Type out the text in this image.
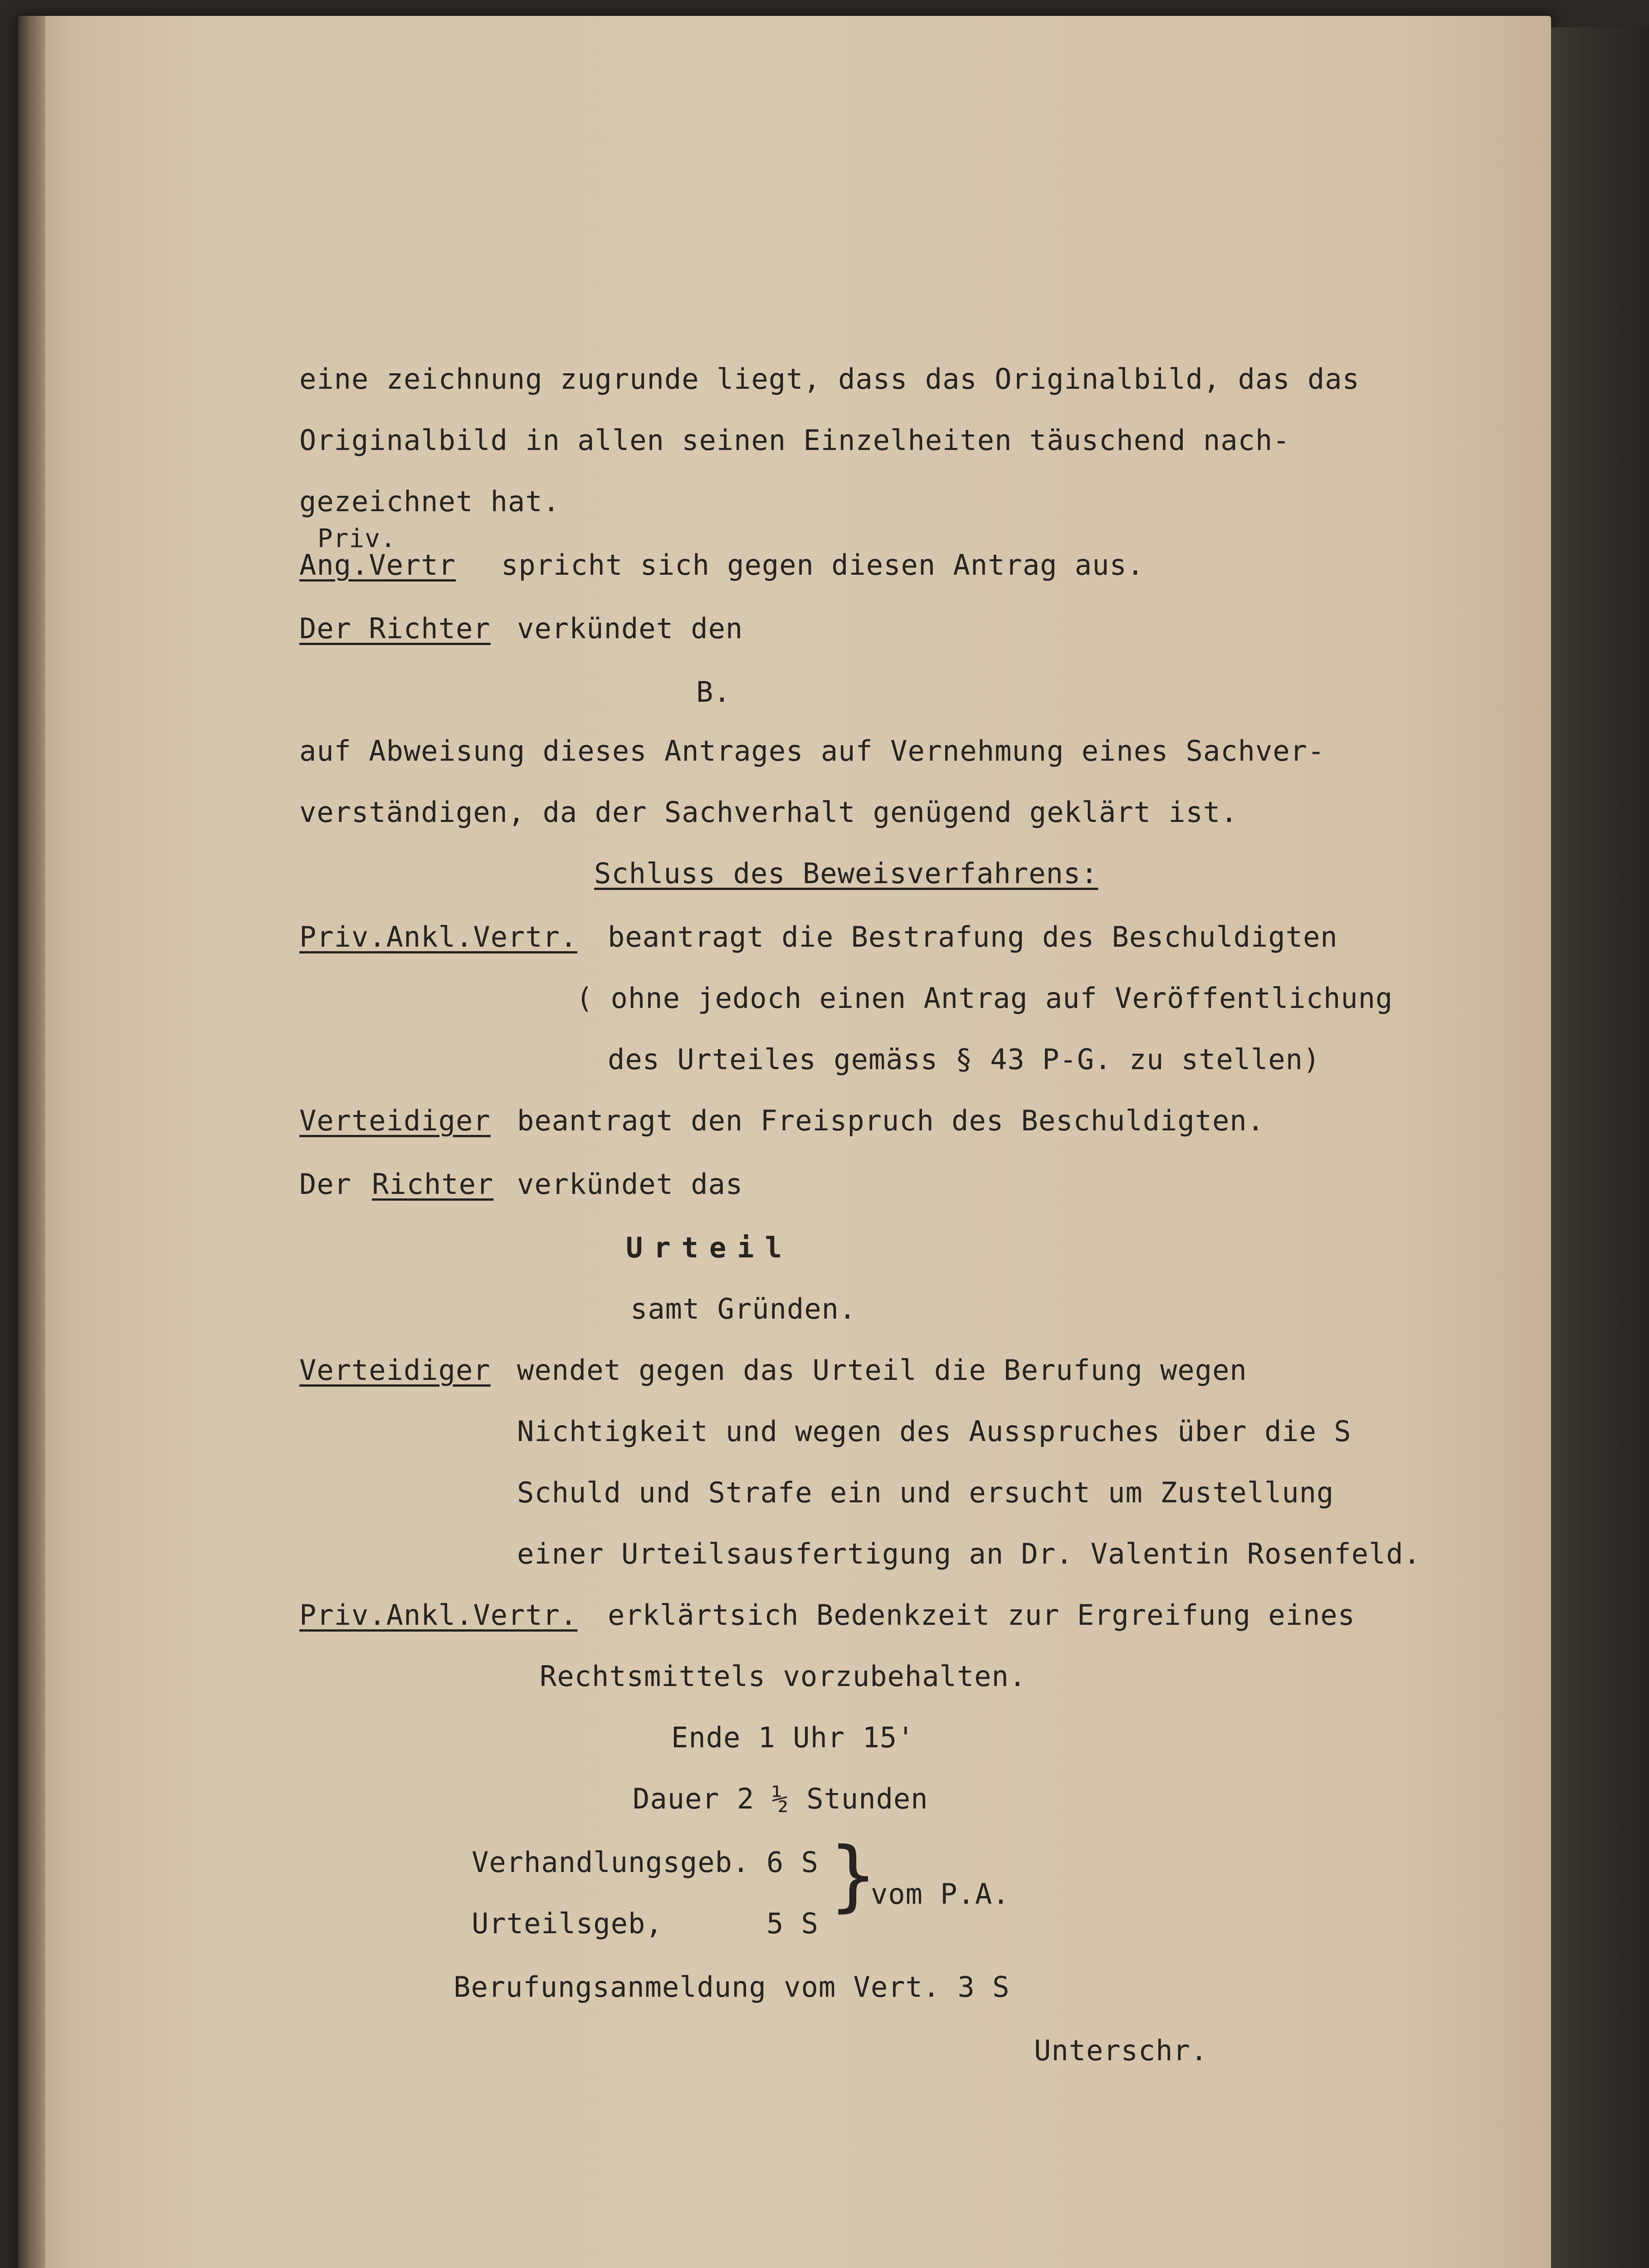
eine zeichnung zugrunde liegt, dass das Originalbild, das das
Originalbild in allen seinen Einzelheiten täuschend nach-
gezeichnet hat.
Priv.
Ang.Vertr spricht sich gegen diesen Antrag aus.
Der Richter verkündet den
B.
auf Abweisung dieses Antrages auf Vernehmung eines Sachver-
verständigen, da der Sachverhalt genügend geklärt ist.
Schluss des Beweisverfahrens:
Priv.Ankl.Vertr. beantragt die Bestrafung des Beschuldigten
( ohne jedoch einen Antrag auf Veröffentlichung
des Urteiles gemäss § 43 P-G. zu stellen)
Verteidiger beantragt den Freispruch des Beschuldigten.
Der Richter verkündet das
Urteil
samt Gründen.
Verteidiger wendet gegen das Urteil die Berufung wegen
Nichtigkeit und wegen des Ausspruches über die S
Schuld und Strafe ein und ersucht um Zustellung
einer Urteilsausfertigung an Dr. Valentin Rosenfeld.
Priv.Ankl.Vertr. erklärtsich Bedenkzeit zur Ergreifung eines
Rechtsmittels vorzubehalten.
Ende 1 Uhr 15'
Dauer 2 ½ Stunden
Verhandlungsgeb. 6 S
Urteilsgeb,	5 S
}
vom P.A.
Berufungsanmeldung vom Vert. 3 S
Unterschr.
